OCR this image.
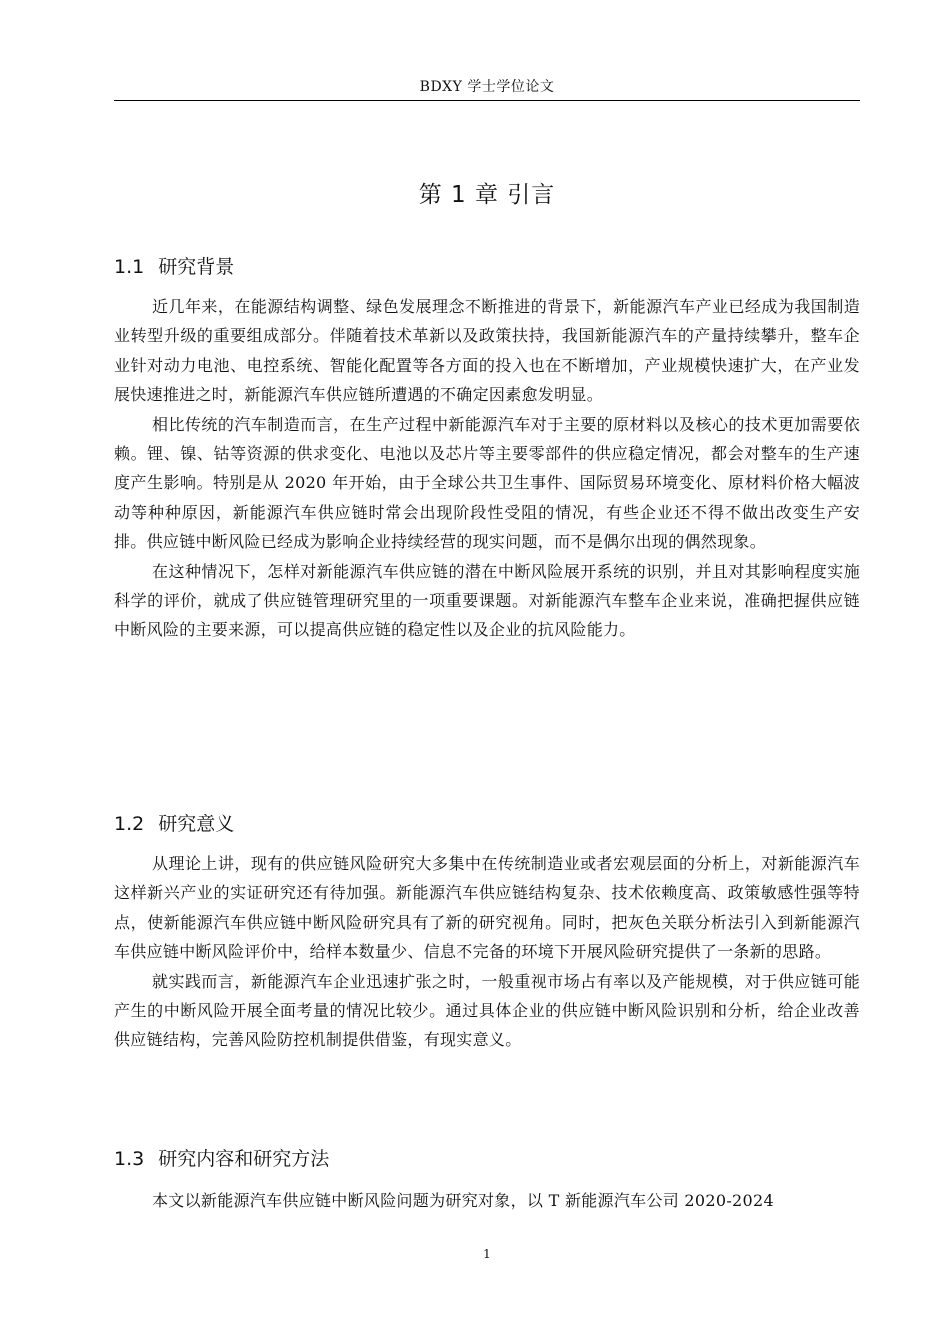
BDXY 学士学位论文
第 1 章 引言
1.1 研究背景

近几年来，在能源结构调整、绿色发展理念不断推进的背景下，新能源汽车产业已经成为我国制造业转型升级的重要组成部分。伴随着技术革新以及政策扶持，我国新能源汽车的产量持续攀升，整车企业针对动力电池、电控系统、智能化配置等各方面的投入也在不断增加，产业规模快速扩大，在产业发展快速推进之时，新能源汽车供应链所遭遇的不确定因素愈发明显。

相比传统的汽车制造而言，在生产过程中新能源汽车对于主要的原材料以及核心的技术更加需要依赖。锂、镍、钴等资源的供求变化、电池以及芯片等主要零部件的供应稳定情况，都会对整车的生产速度产生影响。特别是从 2020 年开始，由于全球公共卫生事件、国际贸易环境变化、原材料价格大幅波动等种种原因，新能源汽车供应链时常会出现阶段性受阻的情况，有些企业还不得不做出改变生产安排。供应链中断风险已经成为影响企业持续经营的现实问题，而不是偶尔出现的偶然现象。

在这种情况下，怎样对新能源汽车供应链的潜在中断风险展开系统的识别，并且对其影响程度实施科学的评价，就成了供应链管理研究里的一项重要课题。对新能源汽车整车企业来说，准确把握供应链中断风险的主要来源，可以提高供应链的稳定性以及企业的抗风险能力。

1.2 研究意义

从理论上讲，现有的供应链风险研究大多集中在传统制造业或者宏观层面的分析上，对新能源汽车这样新兴产业的实证研究还有待加强。新能源汽车供应链结构复杂、技术依赖度高、政策敏感性强等特点，使新能源汽车供应链中断风险研究具有了新的研究视角。同时，把灰色关联分析法引入到新能源汽车供应链中断风险评价中，给样本数量少、信息不完备的环境下开展风险研究提供了一条新的思路。

就实践而言，新能源汽车企业迅速扩张之时，一般重视市场占有率以及产能规模，对于供应链可能产生的中断风险开展全面考量的情况比较少。通过具体企业的供应链中断风险识别和分析，给企业改善供应链结构，完善风险防控机制提供借鉴，有现实意义。

1.3 研究内容和研究方法

本文以新能源汽车供应链中断风险问题为研究对象，以 T 新能源汽车公司 2020-2024

1
